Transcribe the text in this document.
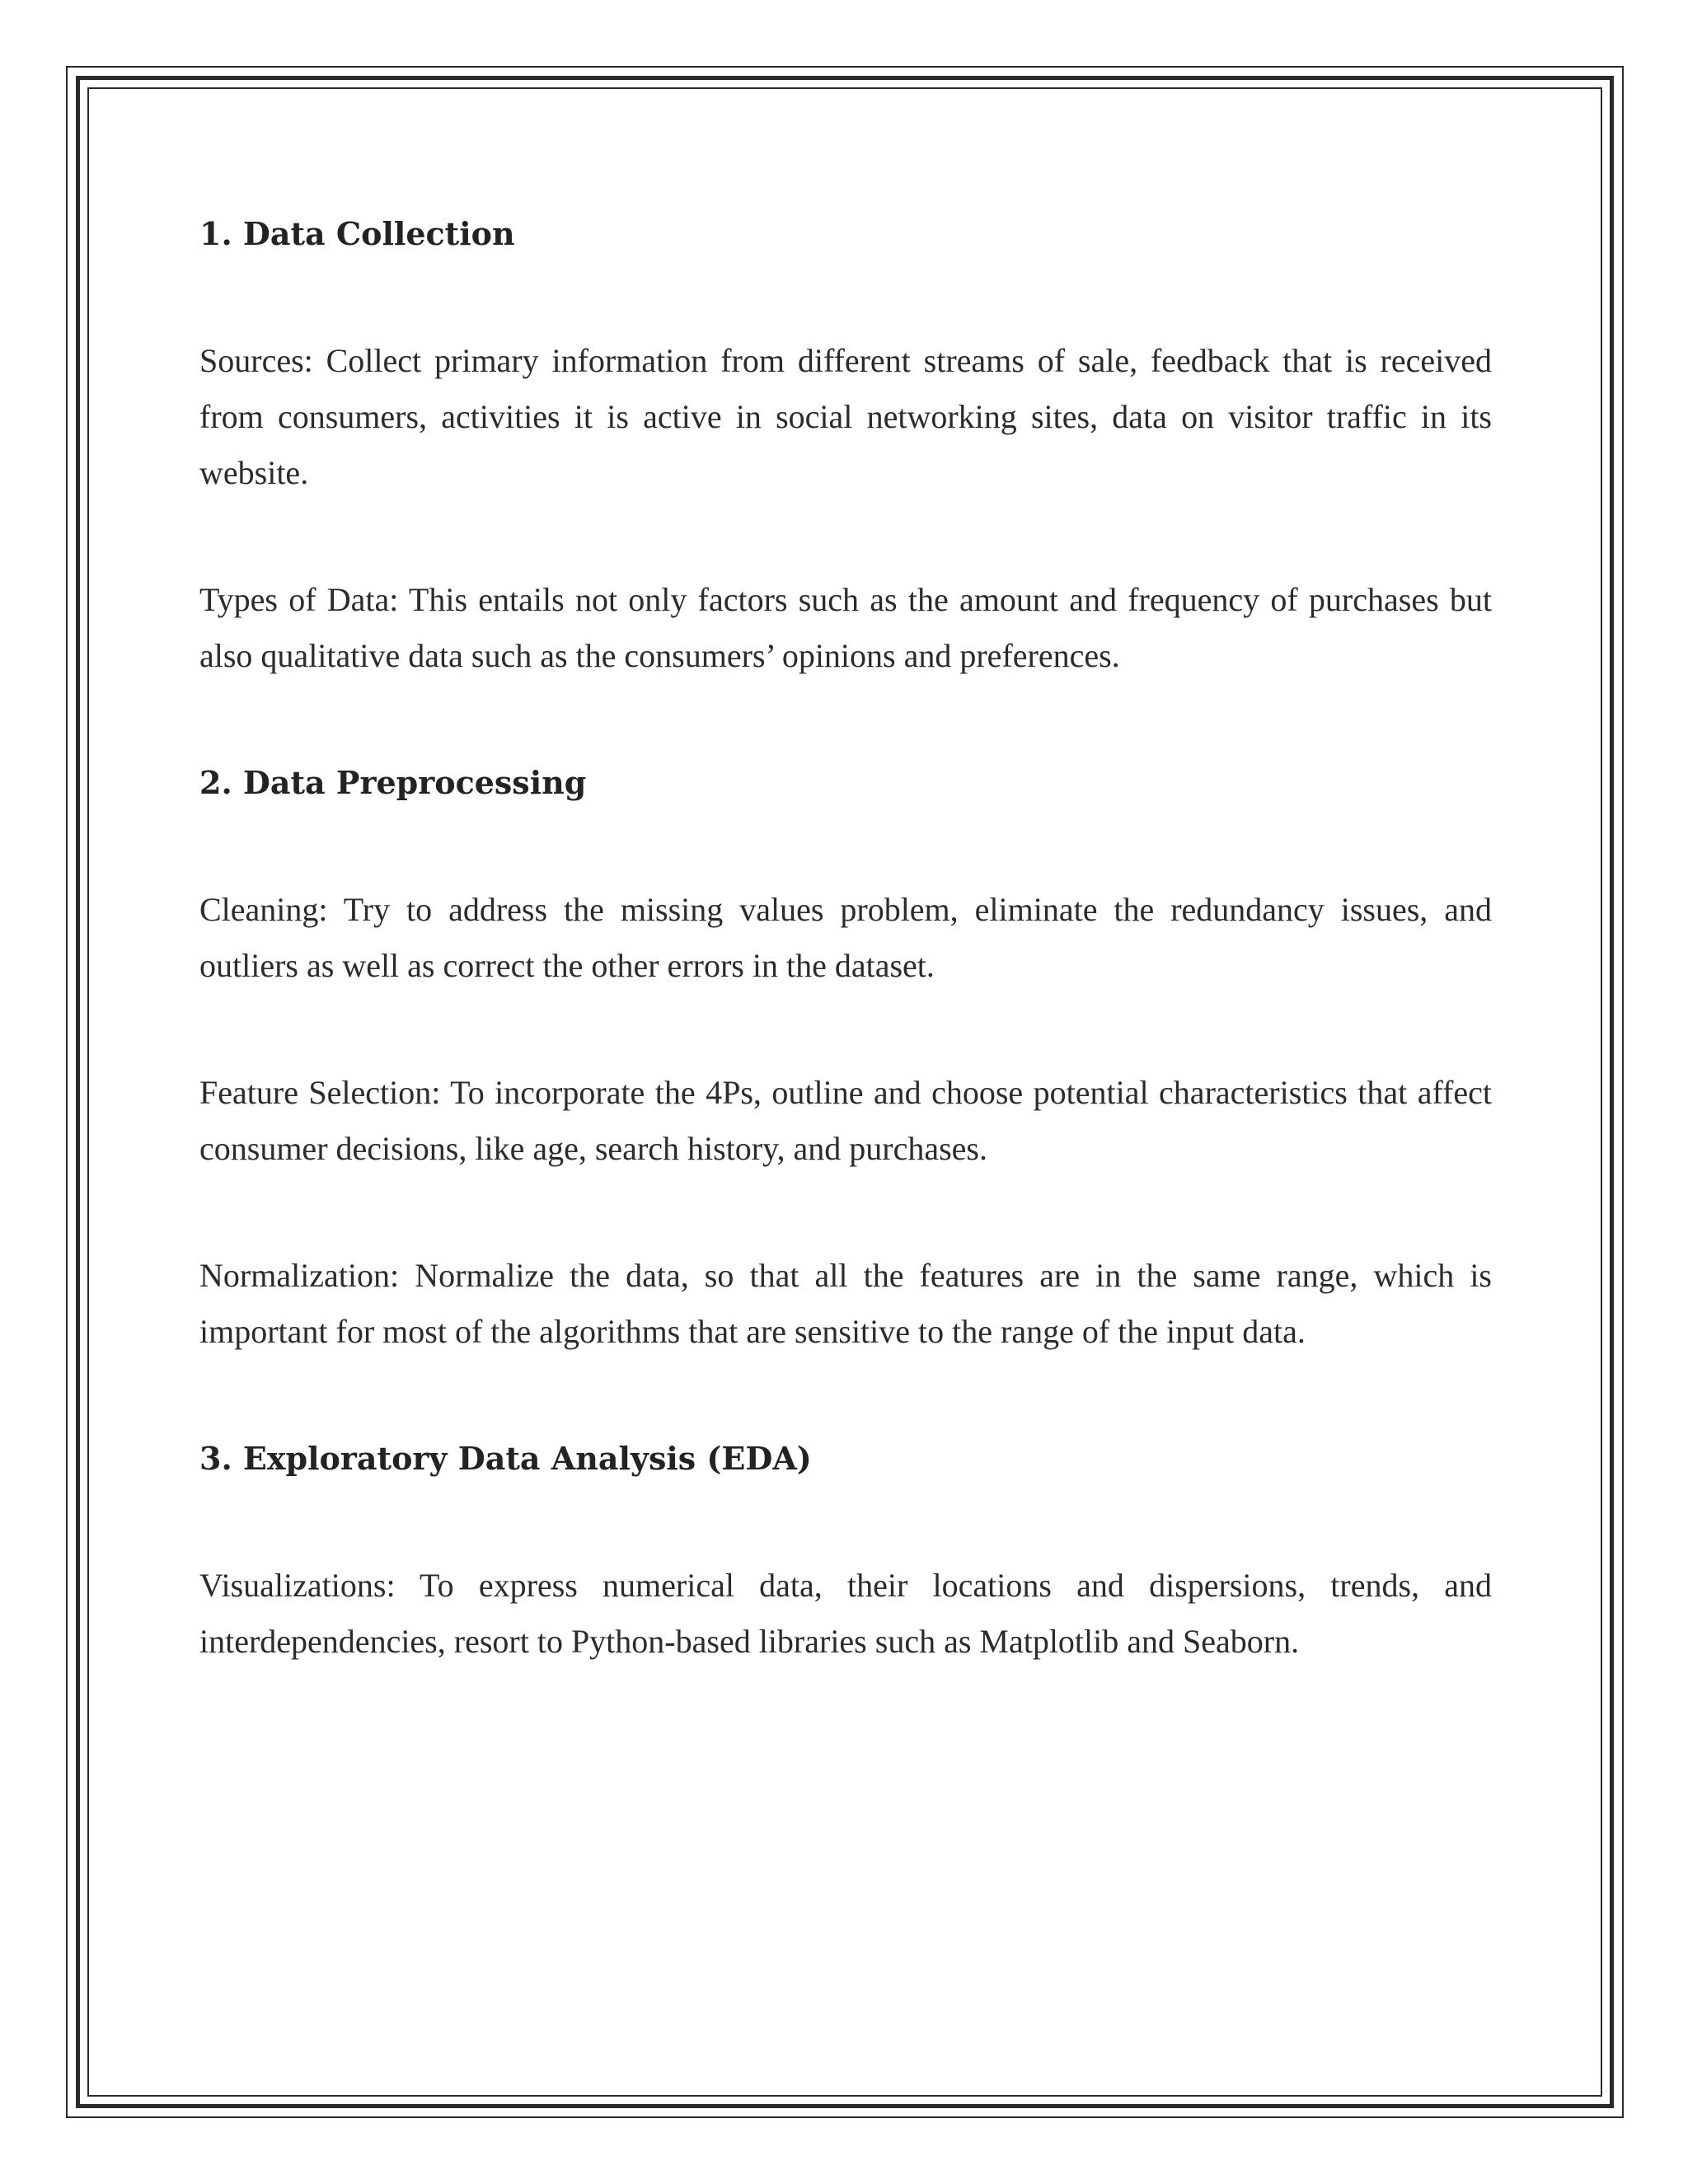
1. Data Collection

Sources: Collect primary information from different streams of sale, feedback that is received from consumers, activities it is active in social networking sites, data on visitor traffic in its website.

Types of Data: This entails not only factors such as the amount and frequency of purchases but also qualitative data such as the consumers’ opinions and preferences.

2. Data Preprocessing

Cleaning: Try to address the missing values problem, eliminate the redundancy issues, and outliers as well as correct the other errors in the dataset.

Feature Selection: To incorporate the 4Ps, outline and choose potential characteristics that affect consumer decisions, like age, search history, and purchases.

Normalization: Normalize the data, so that all the features are in the same range, which is important for most of the algorithms that are sensitive to the range of the input data.

3. Exploratory Data Analysis (EDA)

Visualizations: To express numerical data, their locations and dispersions, trends, and interdependencies, resort to Python-based libraries such as Matplotlib and Seaborn.
